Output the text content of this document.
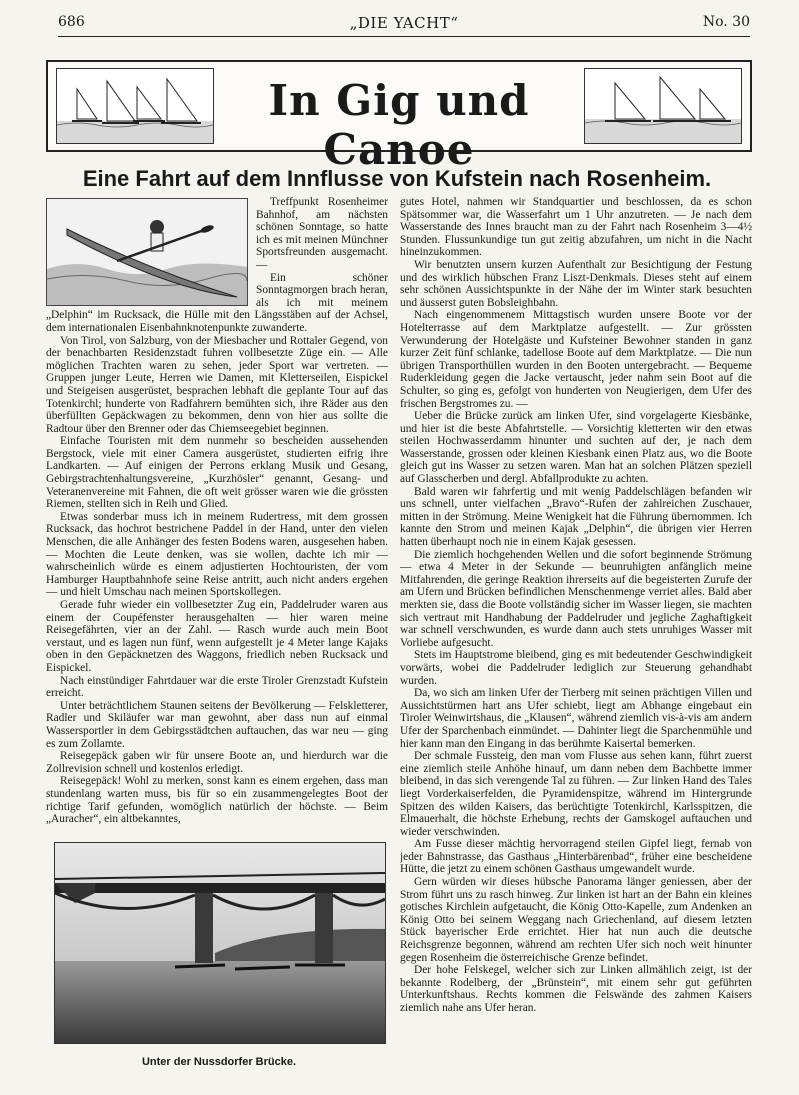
686	„DIE YACHT“	No. 30
In Gig und Canoe
Eine Fahrt auf dem Innflusse von Kufstein nach Rosenheim.

Treffpunkt Rosenheimer Bahnhof, am nächsten schönen Sonntage, so hatte ich es mit meinen Münchner Sportsfreunden ausgemacht. —

Ein schöner Sonntagmorgen brach heran, als ich mit meinem „Delphin“ im Rucksack, die Hülle mit den Längsstäben auf der Achsel, dem internationalen Eisenbahnknotenpunkte zuwanderte.

Von Tirol, von Salzburg, von der Miesbacher und Rottaler Gegend, von der benachbarten Residenzstadt fuhren vollbesetzte Züge ein. — Alle möglichen Trachten waren zu sehen, jeder Sport war vertreten. — Gruppen junger Leute, Herren wie Damen, mit Kletterseilen, Eispickel und Steigeisen ausgerüstet, besprachen lebhaft die geplante Tour auf das Totenkirchl; hunderte von Radfahrern bemühten sich, ihre Räder aus den überfüllten Gepäckwagen zu bekommen, denn von hier aus sollte die Radtour über den Brenner oder das Chiemseegebiet beginnen.

Einfache Touristen mit dem nunmehr so bescheiden aussehenden Bergstock, viele mit einer Camera ausgerüstet, studierten eifrig ihre Landkarten. — Auf einigen der Perrons erklang Musik und Gesang, Gebirgstrachtenhaltungsvereine, „Kurzhösler“ genannt, Gesang- und Veteranenvereine mit Fahnen, die oft weit grösser waren wie die grössten Riemen, stellten sich in Reih und Glied.

Etwas sonderbar muss ich in meinem Rudertress, mit dem grossen Rucksack, das hochrot bestrichene Paddel in der Hand, unter den vielen Menschen, die alle Anhänger des festen Bodens waren, ausgesehen haben. — Mochten die Leute denken, was sie wollen, dachte ich mir — wahrscheinlich würde es einem adjustierten Hochtouristen, der vom Hamburger Hauptbahnhofe seine Reise antritt, auch nicht anders ergehen — und hielt Umschau nach meinen Sportskollegen.

Gerade fuhr wieder ein vollbesetzter Zug ein, Paddelruder waren aus einem der Coupéfenster herausgehalten — hier waren meine Reisegefährten, vier an der Zahl. — Rasch wurde auch mein Boot verstaut, und es lagen nun fünf, wenn aufgestellt je 4 Meter lange Kajaks oben in den Gepäcknetzen des Waggons, friedlich neben Rucksack und Eispickel.

Nach einstündiger Fahrtdauer war die erste Tiroler Grenzstadt Kufstein erreicht.

Unter beträchtlichem Staunen seitens der Bevölkerung — Felskletterer, Radler und Skiläufer war man gewohnt, aber dass nun auf einmal Wassersportler in dem Gebirgsstädtchen auftauchen, das war neu — ging es zum Zollamte.

Reisegepäck gaben wir für unsere Boote an, und hierdurch war die Zollrevision schnell und kostenlos erledigt.

Reisegepäck! Wohl zu merken, sonst kann es einem ergehen, dass man stundenlang warten muss, bis für so ein zusammengelegtes Boot der richtige Tarif gefunden, womöglich natürlich der höchste. — Beim „Auracher“, ein altbekanntes,

Unter der Nussdorfer Brücke.

gutes Hotel, nahmen wir Standquartier und beschlossen, da es schon Spätsommer war, die Wasserfahrt um 1 Uhr anzutreten. — Je nach dem Wasserstande des Innes braucht man zu der Fahrt nach Rosenheim 3—4½ Stunden. Flussunkundige tun gut zeitig abzufahren, um nicht in die Nacht hineinzukommen.

Wir benutzten unsern kurzen Aufenthalt zur Besichtigung der Festung und des wirklich hübschen Franz Liszt-Denkmals. Dieses steht auf einem sehr schönen Aussichtspunkte in der Nähe der im Winter stark besuchten und äusserst guten Bobsleighbahn.

Nach eingenommenem Mittagstisch wurden unsere Boote vor der Hotelterrasse auf dem Marktplatze aufgestellt. — Zur grössten Verwunderung der Hotelgäste und Kufsteiner Bewohner standen in ganz kurzer Zeit fünf schlanke, tadellose Boote auf dem Marktplatze. — Die nun übrigen Transporthüllen wurden in den Booten untergebracht. — Bequeme Ruderkleidung gegen die Jacke vertauscht, jeder nahm sein Boot auf die Schulter, so ging es, gefolgt von hunderten von Neugierigen, dem Ufer des frischen Bergstromes zu. —

Ueber die Brücke zurück am linken Ufer, sind vorgelagerte Kiesbänke, und hier ist die beste Abfahrtstelle. — Vorsichtig kletterten wir den etwas steilen Hochwasserdamm hinunter und suchten auf der, je nach dem Wasserstande, grossen oder kleinen Kiesbank einen Platz aus, wo die Boote gleich gut ins Wasser zu setzen waren. Man hat an solchen Plätzen speziell auf Glasscherben und dergl. Abfallprodukte zu achten.

Bald waren wir fahrfertig und mit wenig Paddelschlägen befanden wir uns schnell, unter vielfachen „Bravo“-Rufen der zahlreichen Zuschauer, mitten in der Strömung. Meine Wenigkeit hat die Führung übernommen. Ich kannte den Strom und meinen Kajak „Delphin“, die übrigen vier Herren hatten überhaupt noch nie in einem Kajak gesessen.

Die ziemlich hochgehenden Wellen und die sofort beginnende Strömung — etwa 4 Meter in der Sekunde — beunruhigten anfänglich meine Mitfahrenden, die geringe Reaktion ihrerseits auf die begeisterten Zurufe der am Ufern und Brücken befindlichen Menschenmenge verriet alles. Bald aber merkten sie, dass die Boote vollständig sicher im Wasser liegen, sie machten sich vertraut mit Handhabung der Paddelruder und jegliche Zaghaftigkeit war schnell verschwunden, es wurde dann auch stets unruhiges Wasser mit Vorliebe aufgesucht.

Stets im Hauptstrome bleibend, ging es mit bedeutender Geschwindigkeit vorwärts, wobei die Paddelruder lediglich zur Steuerung gehandhabt wurden.

Da, wo sich am linken Ufer der Tierberg mit seinen prächtigen Villen und Aussichtstürmen hart ans Ufer schiebt, liegt am Abhange eingebaut ein Tiroler Weinwirtshaus, die „Klausen“, während ziemlich vis-à-vis am andern Ufer der Sparchenbach einmündet. — Dahinter liegt die Sparchenmühle und hier kann man den Eingang in das berühmte Kaisertal bemerken.

Der schmale Fussteig, den man vom Flusse aus sehen kann, führt zuerst eine ziemlich steile Anhöhe hinauf, um dann neben dem Bachbette immer bleibend, in das sich verengende Tal zu führen. — Zur linken Hand des Tales liegt Vorderkaiserfelden, die Pyramidenspitze, während im Hintergrunde Spitzen des wilden Kaisers, das berüchtigte Totenkirchl, Karlsspitzen, die Elmauerhalt, die höchste Erhebung, rechts der Gamskogel auftauchen und wieder verschwinden.

Am Fusse dieser mächtig hervorragend steilen Gipfel liegt, fernab von jeder Bahnstrasse, das Gasthaus „Hinterbärenbad“, früher eine bescheidene Hütte, die jetzt zu einem schönen Gasthaus umgewandelt wurde.

Gern würden wir dieses hübsche Panorama länger geniessen, aber der Strom führt uns zu rasch hinweg. Zur linken ist hart an der Bahn ein kleines gotisches Kirchlein aufgetaucht, die König Otto-Kapelle, zum Andenken an König Otto bei seinem Weggang nach Griechenland, auf diesem letzten Stück bayerischer Erde errichtet. Hier hat nun auch die deutsche Reichsgrenze begonnen, während am rechten Ufer sich noch weit hinunter gegen Rosenheim die österreichische Grenze befindet.

Der hohe Felskegel, welcher sich zur Linken allmählich zeigt, ist der bekannte Rodelberg, der „Brünstein“, mit einem sehr gut geführten Unterkunftshaus. Rechts kommen die Felswände des zahmen Kaisers ziemlich nahe ans Ufer heran.
